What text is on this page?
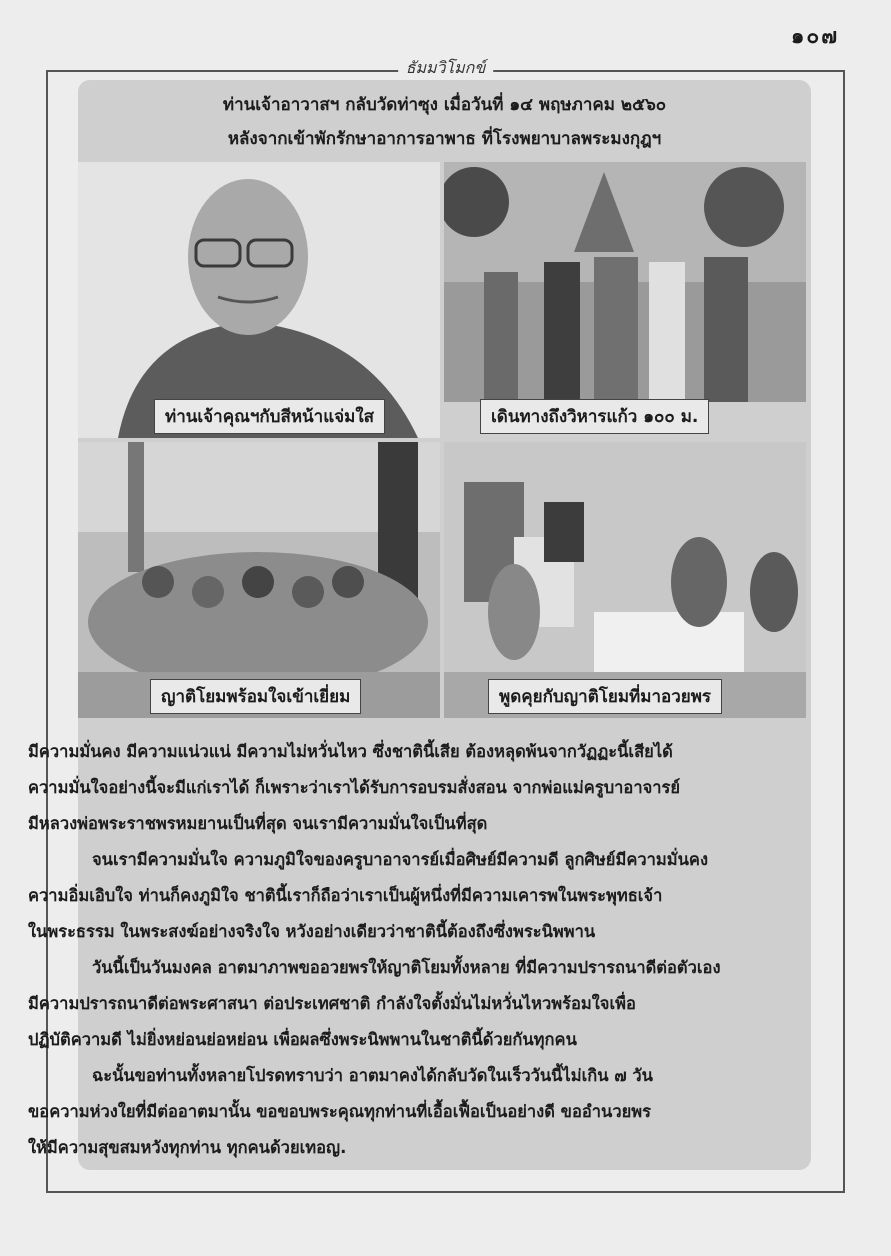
๑๐๗
ธัมมวิโมกข์
ท่านเจ้าอาวาสฯ กลับวัดท่าซุง เมื่อวันที่ ๑๔ พฤษภาคม ๒๕๖๐
หลังจากเข้าพักรักษาอาการอาพาธ ที่โรงพยาบาลพระมงกุฎฯ
ท่านเจ้าคุณฯกับสีหน้าแจ่มใส	เดินทางถึงวิหารแก้ว ๑๐๐ ม.
ญาติโยมพร้อมใจเข้าเยี่ยม	พูดคุยกับญาติโยมที่มาอวยพร

มีความมั่นคง มีความแน่วแน่ มีความไม่หวั่นไหว ซึ่งชาตินี้เสีย ต้องหลุดพ้นจากวัฏฏะนี้เสียได้

ความมั่นใจอย่างนี้จะมีแก่เราได้ ก็เพราะว่าเราได้รับการอบรมสั่งสอน จากพ่อแม่ครูบาอาจารย์

มีหลวงพ่อพระราชพรหมยานเป็นที่สุด จนเรามีความมั่นใจเป็นที่สุด

จนเรามีความมั่นใจ ความภูมิใจของครูบาอาจารย์เมื่อศิษย์มีความดี ลูกศิษย์มีความมั่นคง

ความอิ่มเอิบใจ ท่านก็คงภูมิใจ ชาตินี้เราก็ถือว่าเราเป็นผู้หนึ่งที่มีความเคารพในพระพุทธเจ้า

ในพระธรรม ในพระสงฆ์อย่างจริงใจ หวังอย่างเดียวว่าชาตินี้ต้องถึงซึ่งพระนิพพาน

วันนี้เป็นวันมงคล อาตมาภาพขออวยพรให้ญาติโยมทั้งหลาย ที่มีความปรารถนาดีต่อตัวเอง

มีความปรารถนาดีต่อพระศาสนา ต่อประเทศชาติ กำลังใจตั้งมั่นไม่หวั่นไหวพร้อมใจเพื่อ

ปฏิบัติความดี ไม่ยิ่งหย่อนย่อหย่อน เพื่อผลซึ่งพระนิพพานในชาตินี้ด้วยกันทุกคน

ฉะนั้นขอท่านทั้งหลายโปรดทราบว่า อาตมาคงได้กลับวัดในเร็ววันนี้ไม่เกิน ๗ วัน

ขอความห่วงใยที่มีต่ออาตมานั้น ขอขอบพระคุณทุกท่านที่เอื้อเฟื้อเป็นอย่างดี ขออำนวยพร

ให้มีความสุขสมหวังทุกท่าน ทุกคนด้วยเทอญ.
